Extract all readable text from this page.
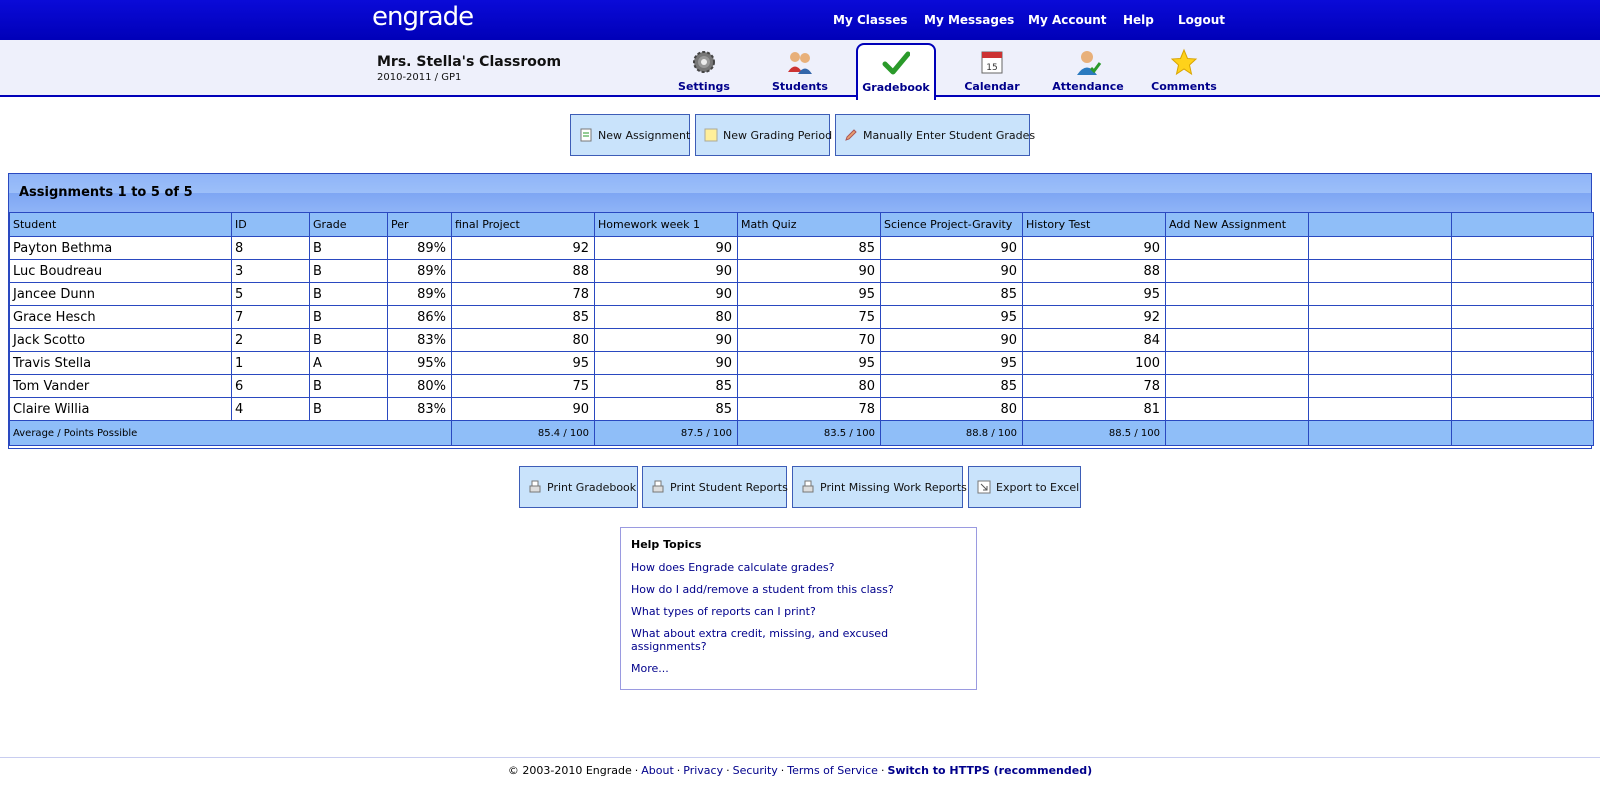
engrade	My Classes My Messages My Account Help Logout
Mrs. Stella's Classroom
2010-2011 / GP1
Settings	Students	Gradebook
15
Calendar	Attendance	Comments
New Assignment	New Grading Period	Manually Enter Student Grades
Assignments 1 to 5 of 5
Student	ID	Grade	Per	final Project	Homework week 1	Math Quiz	Science Project-Gravity	History Test	Add New Assignment		
Payton Bethma	8	B	89%	92	90	85	90	90			
Luc Boudreau	3	B	89%	88	90	90	90	88			
Jancee Dunn	5	B	89%	78	90	95	85	95			
Grace Hesch	7	B	86%	85	80	75	95	92			
Jack Scotto	2	B	83%	80	90	70	90	84			
Travis Stella	1	A	95%	95	90	95	95	100			
Tom Vander	6	B	80%	75	85	80	85	78			
Claire Willia	4	B	83%	90	85	78	80	81			
Average / Points Possible				85.4 / 100	87.5 / 100	83.5 / 100	88.8 / 100	88.5 / 100			
Print Gradebook	Print Student Reports	Print Missing Work Reports	Export to Excel
Help Topics
How does Engrade calculate grades?
How do I add/remove a student from this class?
What types of reports can I print?
What about extra credit, missing, and excused assignments?
More...
© 2003-2010 Engrade · About · Privacy · Security · Terms of Service · Switch to HTTPS (recommended)
